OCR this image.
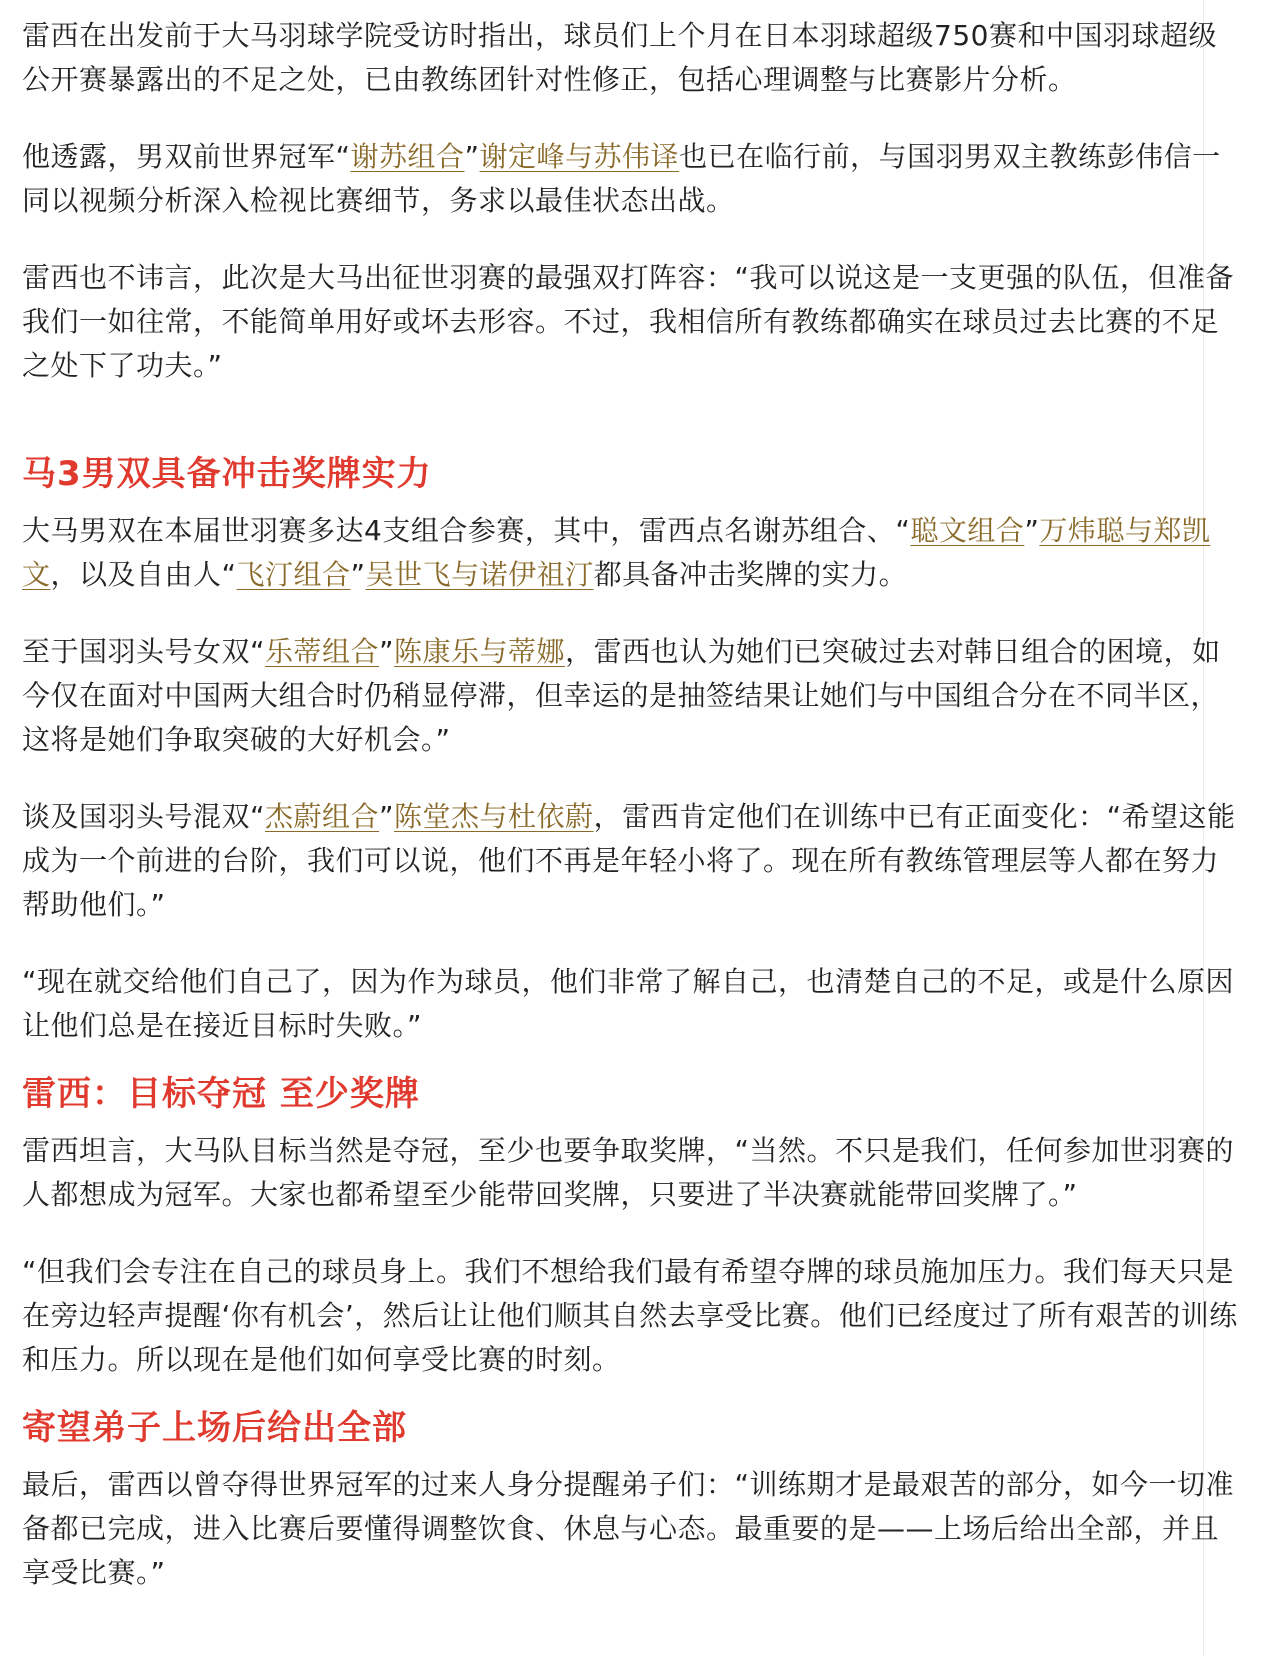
雷西在出发前于大马羽球学院受访时指出，球员们上个月在日本羽球超级750赛和中国羽球超级公开赛暴露出的不足之处，已由教练团针对性修正，包括心理调整与比赛影片分析。

他透露，男双前世界冠军“谢苏组合”谢定峰与苏伟译也已在临行前，与国羽男双主教练彭伟信一同以视频分析深入检视比赛细节，务求以最佳状态出战。

雷西也不讳言，此次是大马出征世羽赛的最强双打阵容：“我可以说这是一支更强的队伍，但准备我们一如往常，不能简单用好或坏去形容。不过，我相信所有教练都确实在球员过去比赛的不足之处下了功夫。”

马3男双具备冲击奖牌实力

大马男双在本届世羽赛多达4支组合参赛，其中，雷西点名谢苏组合、“聪文组合”万炜聪与郑凯文，以及自由人“飞汀组合”吴世飞与诺伊祖汀都具备冲击奖牌的实力。

至于国羽头号女双“乐蒂组合”陈康乐与蒂娜，雷西也认为她们已突破过去对韩日组合的困境，如今仅在面对中国两大组合时仍稍显停滞，但幸运的是抽签结果让她们与中国组合分在不同半区，这将是她们争取突破的大好机会。”

谈及国羽头号混双“杰蔚组合”陈堂杰与杜依蔚，雷西肯定他们在训练中已有正面变化：“希望这能成为一个前进的台阶，我们可以说，他们不再是年轻小将了。现在所有教练管理层等人都在努力帮助他们。”

“现在就交给他们自己了，因为作为球员，他们非常了解自己，也清楚自己的不足，或是什么原因让他们总是在接近目标时失败。”

雷西：目标夺冠 至少奖牌

雷西坦言，大马队目标当然是夺冠，至少也要争取奖牌，“当然。不只是我们，任何参加世羽赛的人都想成为冠军。大家也都希望至少能带回奖牌，只要进了半决赛就能带回奖牌了。”

“但我们会专注在自己的球员身上。我们不想给我们最有希望夺牌的球员施加压力。我们每天只是在旁边轻声提醒‘你有机会’，然后让让他们顺其自然去享受比赛。他们已经度过了所有艰苦的训练和压力。所以现在是他们如何享受比赛的时刻。

寄望弟子上场后给出全部

最后，雷西以曾夺得世界冠军的过来人身分提醒弟子们：“训练期才是最艰苦的部分，如今一切准备都已完成，进入比赛后要懂得调整饮食、休息与心态。最重要的是——上场后给出全部，并且享受比赛。”
